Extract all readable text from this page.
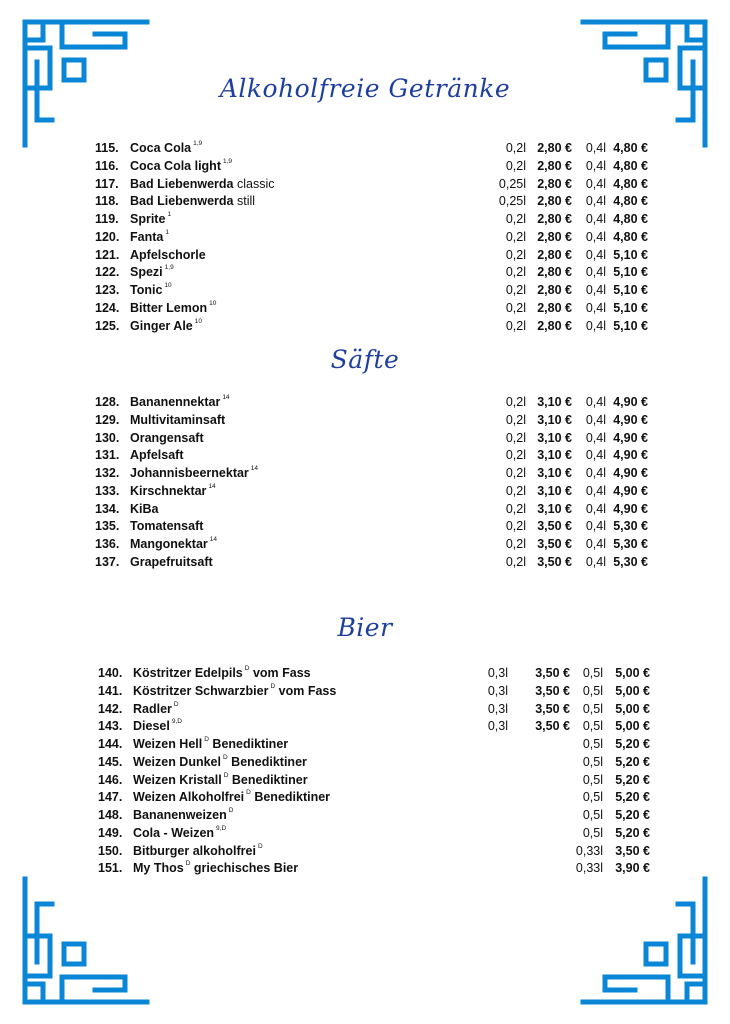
Alkoholfreie Getränke
115. Coca Cola $^{1,9}$	0,2l 2,80 € 0,4l 4,80 €
116. Coca Cola light $^{1,9}$	0,2l 2,80 € 0,4l 4,80 €
117. Bad Liebenwerda classic	0,25l 2,80 € 0,4l 4,80 €
118. Bad Liebenwerda still	0,25l 2,80 € 0,4l 4,80 €
119. Sprite $^1$	0,2l 2,80 € 0,4l 4,80 €
120. Fanta $^1$	0,2l 2,80 € 0,4l 4,80 €
121. Apfelschorle	0,2l 2,80 € 0,4l 5,10 €
122. Spezi $^{1,9}$	0,2l 2,80 € 0,4l 5,10 €
123. Tonic $^{10}$	0,2l 2,80 € 0,4l 5,10 €
124. Bitter Lemon $^{10}$	0,2l 2,80 € 0,4l 5,10 €
125. Ginger Ale $^{10}$	0,2l 2,80 € 0,4l 5,10 €
Säfte
128. Bananennektar $^{14}$	0,2l 3,10 € 0,4l 4,90 €
129. Multivitaminsaft	0,2l 3,10 € 0,4l 4,90 €
130. Orangensaft	0,2l 3,10 € 0,4l 4,90 €
131. Apfelsaft	0,2l 3,10 € 0,4l 4,90 €
132. Johannisbeernektar $^{14}$	0,2l 3,10 € 0,4l 4,90 €
133. Kirschnektar $^{14}$	0,2l 3,10 € 0,4l 4,90 €
134. KiBa	0,2l 3,10 € 0,4l 4,90 €
135. Tomatensaft	0,2l 3,50 € 0,4l 5,30 €
136. Mangonektar $^{14}$	0,2l 3,50 € 0,4l 5,30 €
137. Grapefruitsaft	0,2l 3,50 € 0,4l 5,30 €
Bier
140. Köstritzer Edelpils $^D$ vom Fass	0,3l 3,50 € 0,5l 5,00 €
141. Köstritzer Schwarzbier $^D$ vom Fass	0,3l 3,50 € 0,5l 5,00 €
142. Radler $^D$	0,3l 3,50 € 0,5l 5,00 €
143. Diesel $^{9,D}$	0,3l 3,50 € 0,5l 5,00 €
144. Weizen Hell $^D$ Benediktiner	0,5l 5,20 €
145. Weizen Dunkel $^D$ Benediktiner	0,5l 5,20 €
146. Weizen Kristall $^D$ Benediktiner	0,5l 5,20 €
147. Weizen Alkoholfrei $^D$ Benediktiner	0,5l 5,20 €
148. Bananenweizen $^D$	0,5l 5,20 €
149. Cola - Weizen $^{9,D}$	0,5l 5,20 €
150. Bitburger alkoholfrei $^D$	0,33l 3,50 €
151. My Thos $^D$ griechisches Bier	0,33l 3,90 €
